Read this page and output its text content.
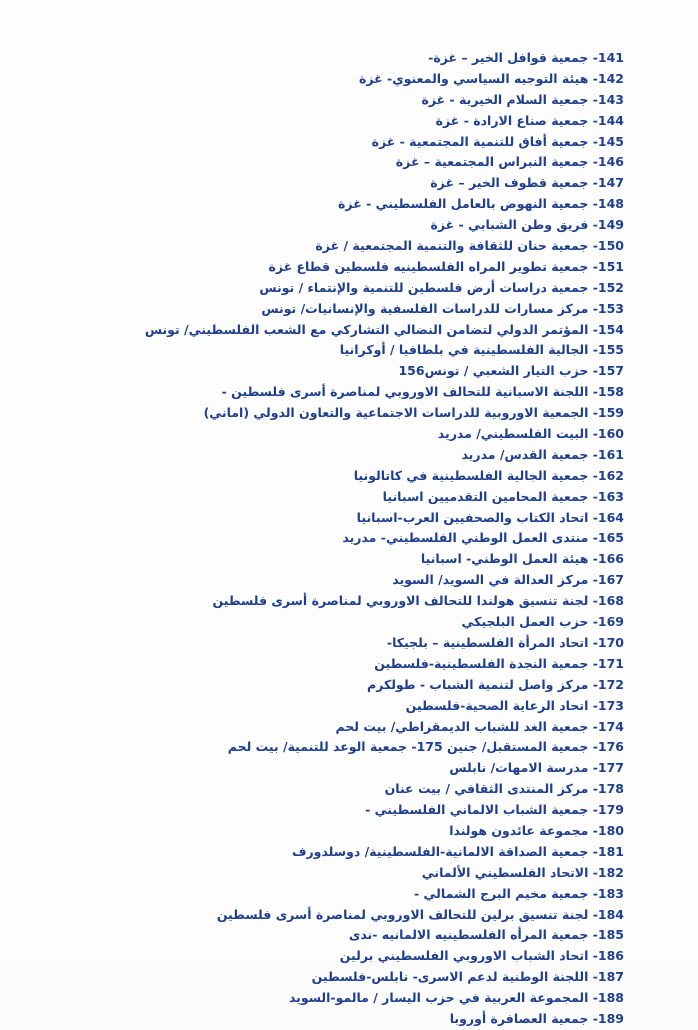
141- جمعية قوافل الخير – غزة-
142- هيئة التوجيه السياسي والمعنوي- غزة
143- جمعية السلام الخيرية - غزة
144- جمعية صناع الارادة - غزة
145- جمعية أفاق للتنمية المجتمعية - غزة
146- جمعية النبراس المجتمعية – غزة
147- جمعية قطوف الخير – غزة
148- جمعية النهوض بالعامل الفلسطيني - غزة
149- فريق وطن الشبابي - غزة
150- جمعية حنان للثقافة والتنمية المجتمعية / غزة
151- جمعية تطوير المراه الفلسطينيه فلسطين قطاع غزة
152- جمعية دراسات أرض فلسطين للتنمية والإنتماء / تونس
153- مركز مسارات للدراسات الفلسفية والإنسانيات/ تونس
154- المؤتمر الدولي لتضامن النضالي التشاركي مع الشعب الفلسطيني/ تونس
155- الجالية الفلسطينية في بلطافيا / أوكرانيا
157- حزب التيار الشعبي / تونس156
158- اللجنة الاسبانية للتحالف الاوروبي لمناصرة أسرى فلسطين -
159- الجمعية الاوروبية للدراسات الاجتماعية والتعاون الدولي (اماني)
160- البيت الفلسطيني/ مدريد
161- جمعية القدس/ مدريد
162- جمعية الجالية الفلسطينية في كاتالونيا
163- جمعية المحامين التقدميين اسبانيا
164- اتحاد الكتاب والصحفيين العرب-اسبانيا
165- منتدى العمل الوطني الفلسطيني- مدريد
166- هيئة العمل الوطني- اسبانيا
167- مركز العدالة في السويد/ السويد
168- لجنة تنسيق هولندا للتحالف الاوروبي لمناصرة أسرى فلسطين
169- حزب العمل البلجيكي
170- اتحاد المرأة الفلسطينية – بلجيكا-
171- جمعية النجدة الفلسطينية-فلسطين
172- مركز واصل لتنمية الشباب - طولكرم
173- اتحاد الرعاية الصحية-فلسطين
174- جمعية الغد للشباب الديمقراطي/ بيت لحم
176- جمعية المستقبل/ جنين 175- جمعية الوعد للتنمية/ بيت لحم
177- مدرسة الامهات/ نابلس
178- مركز المنتدى الثقافي / بيت عنان
179- جمعية الشباب الالماني الفلسطيني -
180- مجموعة عائدون هولندا
181- جمعية الصداقة الالمانية-الفلسطينية/ دوسلدورف
182- الاتحاد الفلسطيني الألماني
183- جمعية مخيم البرج الشمالي -
184- لجنة تنسيق برلين للتحالف الاوروبي لمناصرة أسرى فلسطين
185- جمعية المرأه الفلسطينيه الالمانيه -ندى
186- اتحاد الشباب الاوروبي الفلسطيني برلين
187- اللجنة الوطنية لدعم الاسرى- نابلس-فلسطين
188- المجموعة العربية في حزب اليسار / مالمو-السويد
189- جمعية العصافرة أوروبا
